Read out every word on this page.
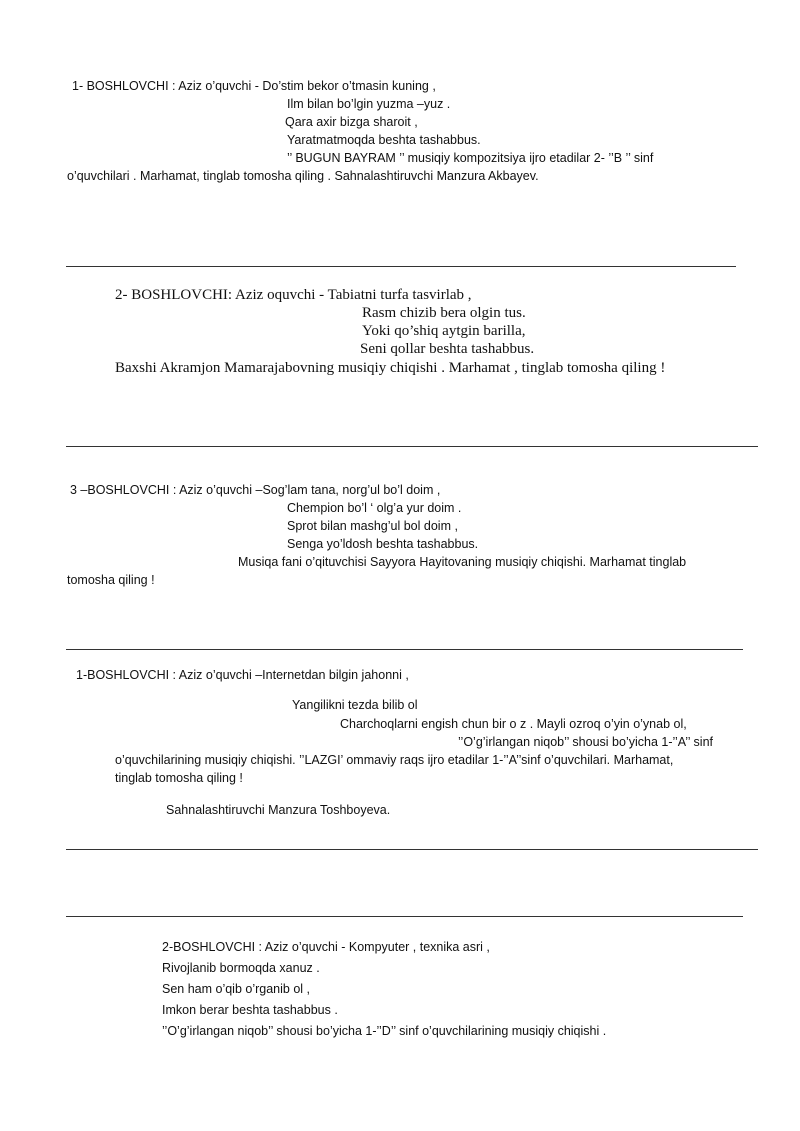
1- BOSHLOVCHI : Aziz o’quvchi - Do’stim bekor o’tmasin kuning ,
Ilm bilan bo’lgin yuzma –yuz .
Qara axir bizga sharoit ,
Yaratmatmoqda beshta tashabbus.
’’ BUGUN BAYRAM ’’ musiqiy kompozitsiya ijro etadilar 2- ’’B ’’ sinf
o’quvchilari . Marhamat, tinglab tomosha qiling . Sahnalashtiruvchi Manzura Akbayev.
2- BOSHLOVCHI: Aziz oquvchi - Tabiatni turfa tasvirlab ,
Rasm chizib bera olgin tus.
Yoki qo’shiq aytgin barilla,
Seni qollar beshta tashabbus.
Baxshi Akramjon Mamarajabovning musiqiy chiqishi . Marhamat , tinglab tomosha qiling !
3 –BOSHLOVCHI : Aziz o’quvchi –Sog’lam tana, norg’ul bo’l doim ,
Chempion bo’l ‘ olg’a yur doim .
Sprot bilan mashg’ul bol doim ,
Senga yo’ldosh beshta tashabbus.
Musiqa fani o’qituvchisi Sayyora Hayitovaning musiqiy chiqishi. Marhamat tinglab
tomosha qiling !
1-BOSHLOVCHI : Aziz o’quvchi –Internetdan bilgin jahonni ,
Yangilikni tezda bilib ol
Charchoqlarni engish chun bir o z . Mayli ozroq o’yin o’ynab ol,
’’O’g’irlangan niqob’’ shousi bo’yicha 1-’’A’’ sinf
o’quvchilarining musiqiy chiqishi. ’’LAZGI’ ommaviy raqs ijro etadilar 1-’’A’’sinf o’quvchilari. Marhamat,
tinglab tomosha qiling !
Sahnalashtiruvchi Manzura Toshboyeva.
2-BOSHLOVCHI : Aziz o’quvchi - Kompyuter , texnika asri ,
Rivojlanib bormoqda xanuz .
Sen ham o’qib o’rganib ol ,
Imkon berar beshta tashabbus .
’’O’g’irlangan niqob’’ shousi bo’yicha 1-’’D’’ sinf o’quvchilarining musiqiy chiqishi .
